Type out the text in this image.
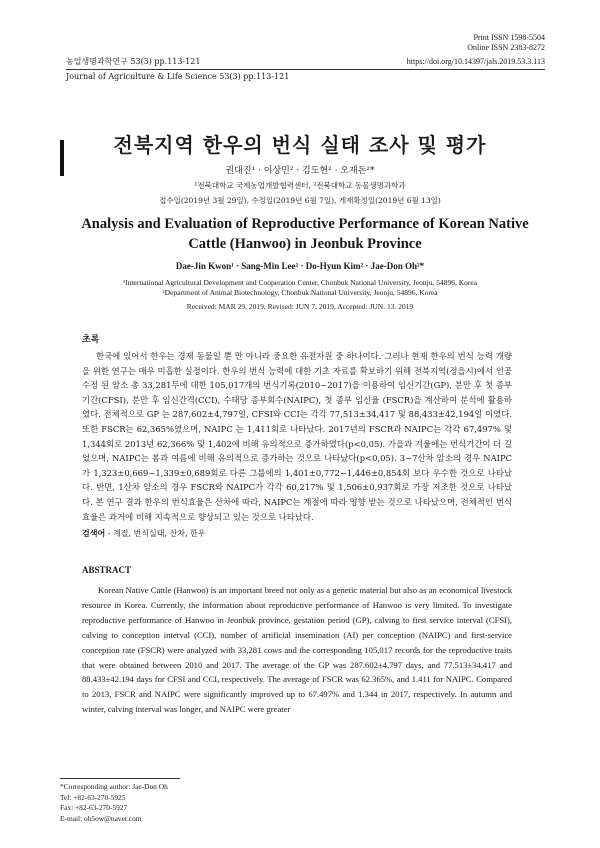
Print ISSN 1598-5504
Online ISSN 2383-8272
농업생명과학연구 53(3) pp.113-121	https://doi.org/10.14397/jals.2019.53.3.113
Journal of Agriculture & Life Science 53(3) pp.113-121
전북지역 한우의 번식 실태 조사 및 평가
권대진¹ · 이상민² · 김도현² · 오재돈²*
¹전북대학교 국제농업개발협력센터, ²전북대학교 동물생명과학과
접수일(2019년 3월 29일), 수정일(2019년 6월 7일), 게재확정일(2019년 6월 13일)
Analysis and Evaluation of Reproductive Performance of Korean Native Cattle (Hanwoo) in Jeonbuk Province
Dae-Jin Kwon¹ · Sang-Min Lee² · Do-Hyun Kim² · Jae-Don Oh²*
¹International Agricultural Development and Cooperation Center, Chonbuk National University, Jeonju, 54896, Korea
²Department of Animal Biotechnology, Chonbuk National University, Jeonju, 54896, Korea
Received: MAR 29, 2019, Revised: JUN 7, 2019, Accepted: JUN. 13. 2019
초록
한국에 있어서 한우는 경제 동물일 뿐 만 아니라 중요한 유전자원 중 하나이다. 그러나 현재 한우의 번식 능력 개량을 위한 연구는 매우 미흡한 실정이다. 한우의 번식 능력에 대한 기초 자료를 확보하기 위해 전북지역(정읍시)에서 인공수정 된 암소 총 33,281두에 대한 105,017개의 번식기록(2010~2017)을 이용하여 임신기간(GP), 분만 후 첫 종부기간(CFSI), 분만 후 임신간격(CCI), 수태당 종부회수(NAIPC), 첫 종부 임신율 (FSCR)을 계산하여 분석에 활용하였다. 전체적으로 GP 는 287,602±4,797일, CFSI와 CCI는 각각 77,513±34,417 및 88,433±42,194일 이였다. 또한 FSCR는 62,365%였으며, NAIPC 는 1,411회로 나타났다. 2017년의 FSCR과 NAIPC는 각각 67,497% 및 1,344회로 2013년 62,366% 및 1,402에 비해 유의적으로 증가하였다(p<0,05). 가을과 겨울에는 번식기간이 더 길었으며, NAIPC는 봄과 여름에 비해 유의적으로 증가하는 것으로 나타났다(p<0,05). 3~7산차 암소의 경우 NAIPC가 1,323±0,669~1,339±0,689회로 다른 그룹에의 1,401±0,772~1,446±0,854회 보다 우수한 것으로 나타났다. 반면, 1산차 암소의 경우 FSCR와 NAIPC가 각각 60,217% 및 1,506±0,937회로 가장 저조한 것으로 나타났다. 본 연구 결과 한우의 번식효율은 산차에 따라, NAIPC는 계절에 따라 영향 받는 것으로 나타났으며, 전체적인 번식효율은 과거에 비해 지속적으로 향상되고 있는 것으로 나타났다.
검색어 - 계절, 번식실태, 산차, 한우
ABSTRACT
Korean Native Cattle (Hanwoo) is an important breed not only as a genetic material but also as an economical livestock resource in Korea. Currently, the information about reproductive performance of Hanwoo is very limited. To investigate reproductive performance of Hanwoo in Jeonbuk province, gestation period (GP), calving to first service interval (CFSI), calving to conception interval (CCI), number of artificial insemination (AI) per conception (NAIPC) and first-service conception rate (FSCR) were analyzed with 33,281 cows and the corresponding 105,017 records for the reproductive traits that were obtained between 2010 and 2017. The average of the GP was 287.602±4.797 days, and 77.513±34.417 and 88.433±42.194 days for CFSI and CCI, respectively. The average of FSCR was 62.365%, and 1.411 for NAIPC. Compared to 2013, FSCR and NAIPC were significantly improved up to 67.497% and 1.344 in 2017, respectively. In autumn and winter, calving interval was longer, and NAIPC were greater
*Corresponding author: Jae-Don Oh
Tel: +82-63-270-5925
Fax: +82-63-270-5927
E-mail: oh5ow@naver.com
